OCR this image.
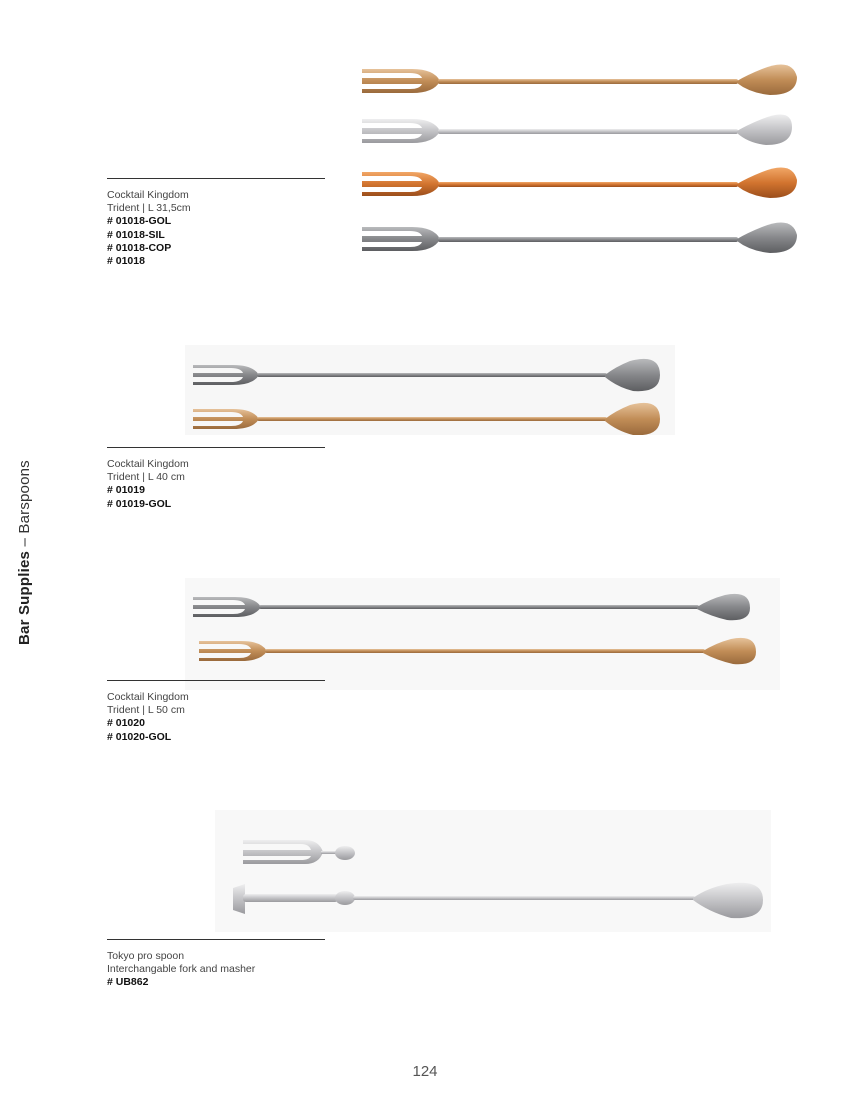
Bar Supplies – Barspoons
Cocktail Kingdom
Trident | L 31,5cm
# 01018-GOL
# 01018-SIL
# 01018-COP
# 01018
Cocktail Kingdom
Trident | L 40 cm
# 01019
# 01019-GOL
Cocktail Kingdom
Trident | L 50 cm
# 01020
# 01020-GOL
Tokyo pro spoon
Interchangable fork and masher
# UB862
124
